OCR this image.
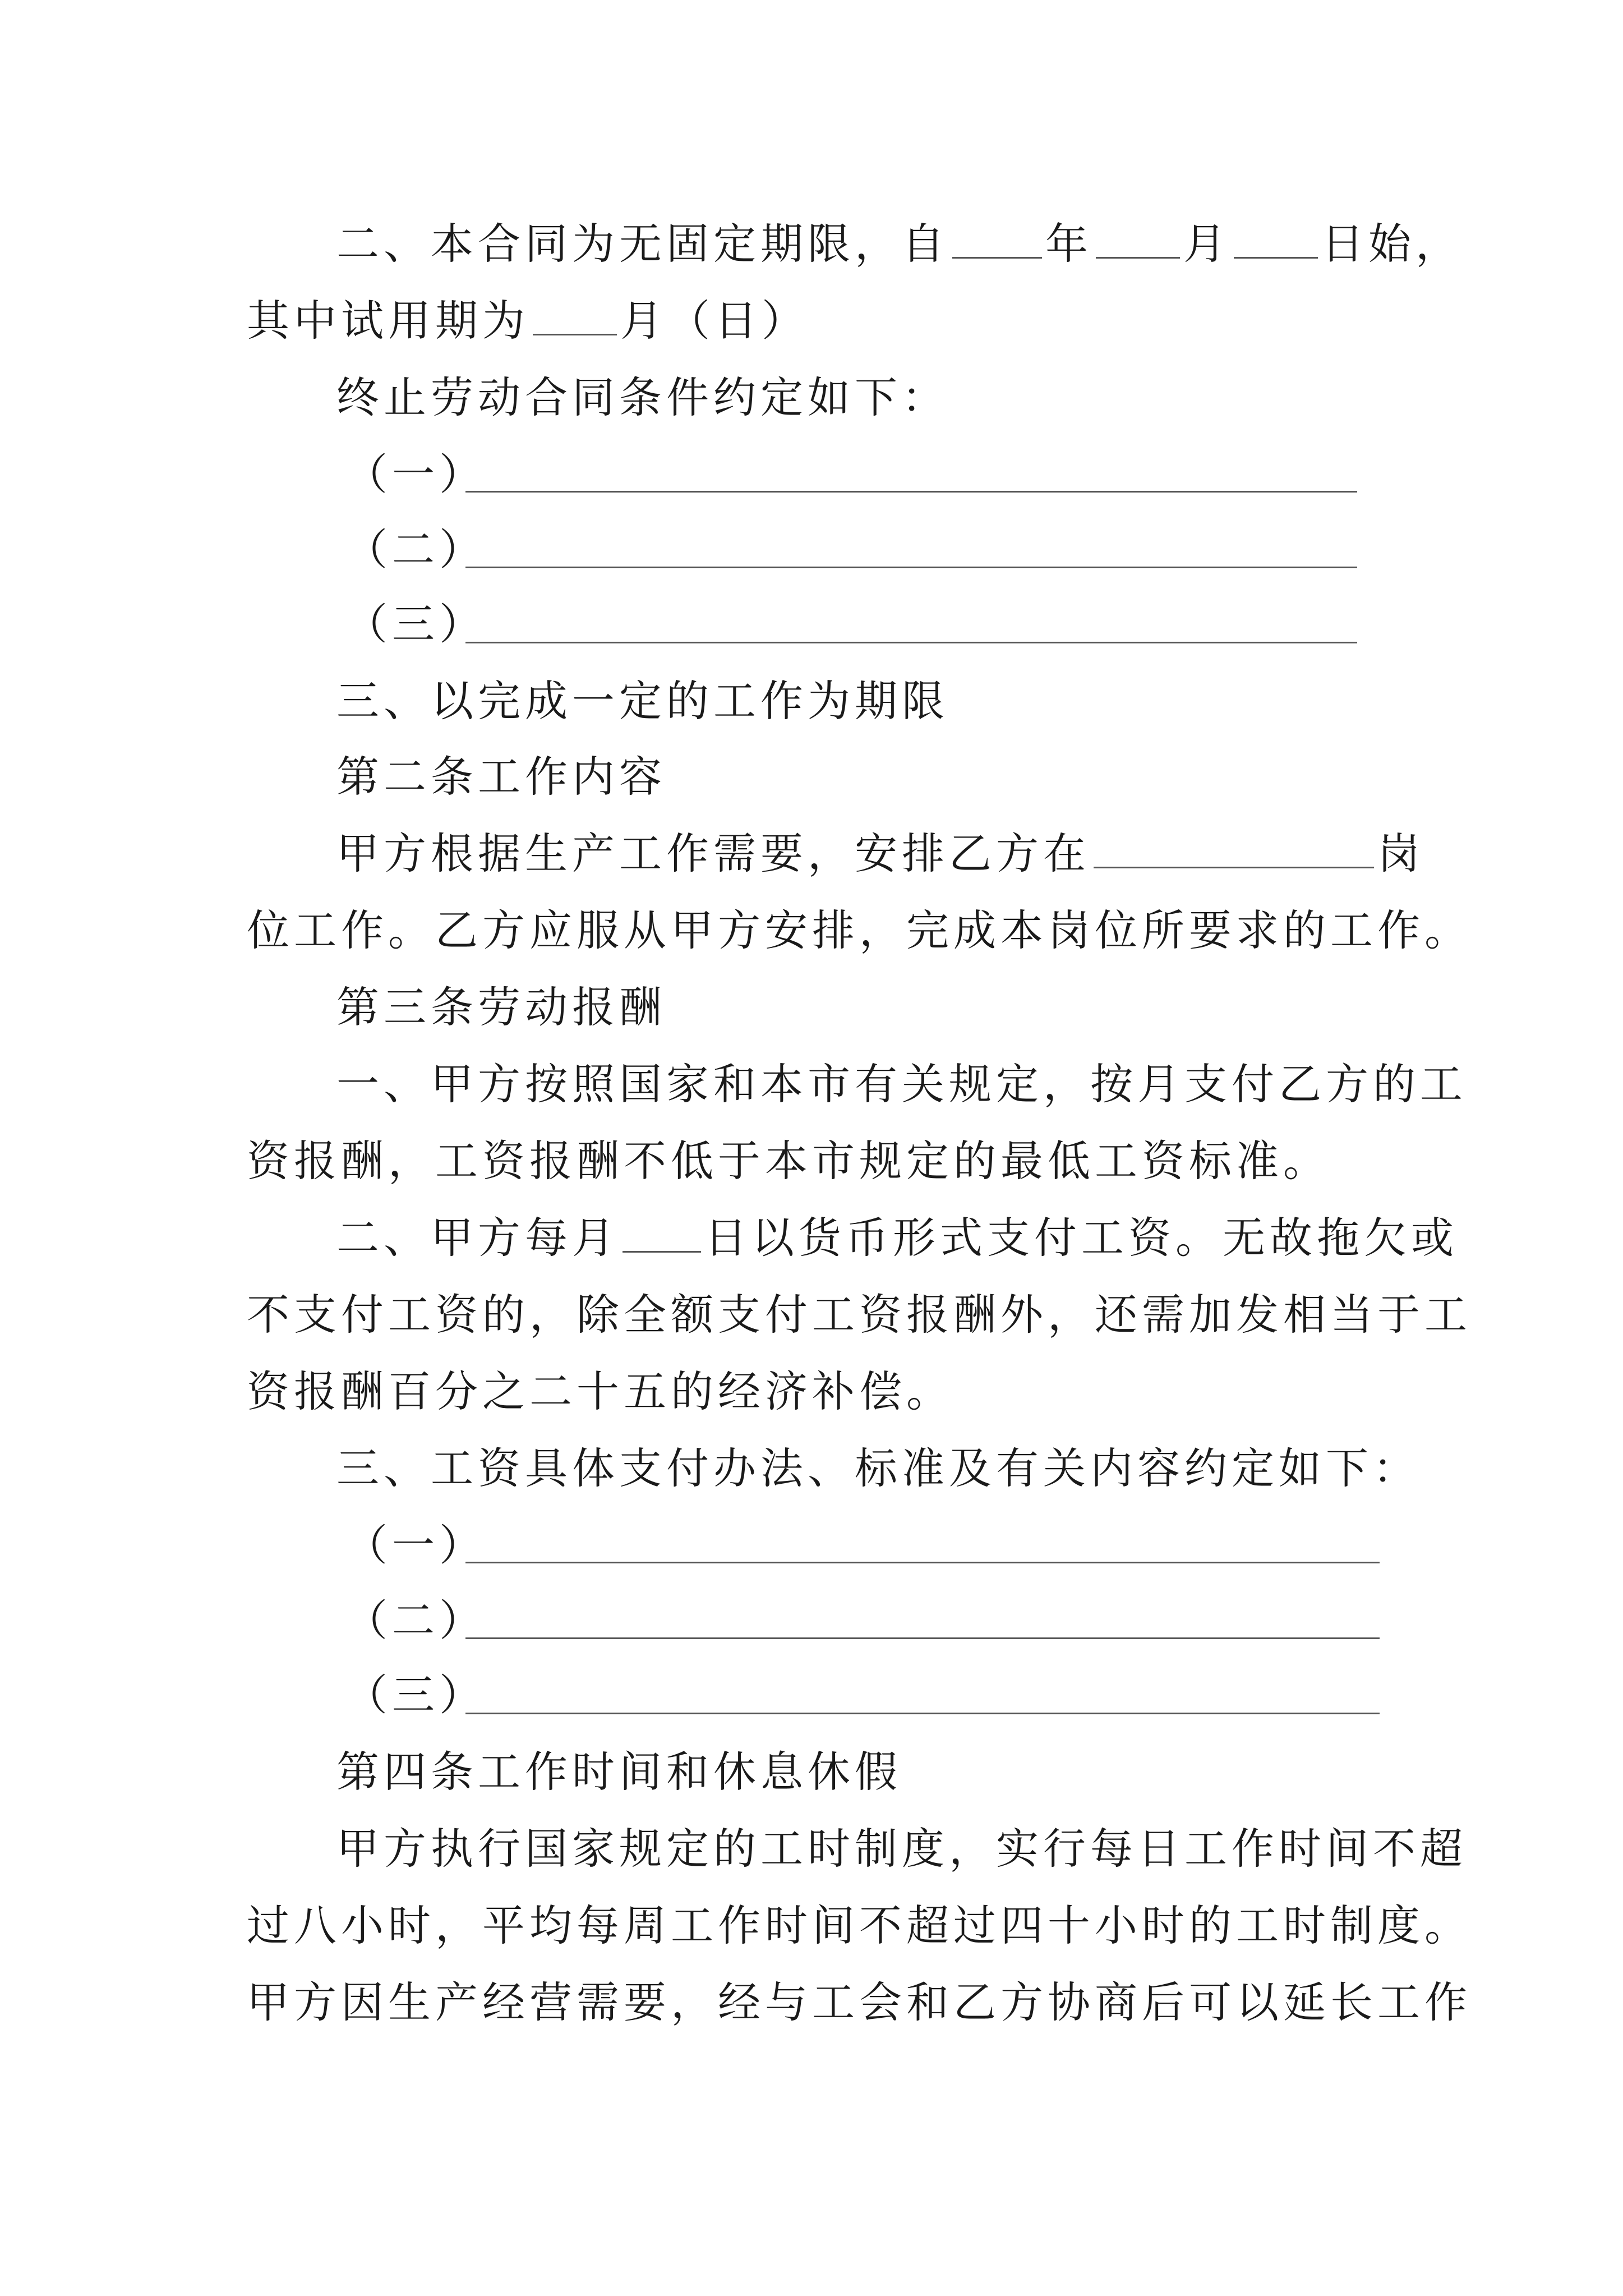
二、本合同为无固定期限，自 年 月 日始，
其中试用期为 月（日）
终止劳动合同条件约定如下：
（一）
（二）
（三）
三、以完成一定的工作为期限
第二条工作内容
甲方根据生产工作需要，安排乙方在	岗
位工作。乙方应服从甲方安排，完成本岗位所要求的工作。
第三条劳动报酬
一、甲方按照国家和本市有关规定，按月支付乙方的工
资报酬，工资报酬不低于本市规定的最低工资标准。
二、甲方每月 日以货币形式支付工资。无故拖欠或
不支付工资的，除全额支付工资报酬外，还需加发相当于工
资报酬百分之二十五的经济补偿。
三、工资具体支付办法、标准及有关内容约定如下：
（一）
（二）
（三）
第四条工作时间和休息休假
甲方执行国家规定的工时制度，实行每日工作时间不超
过八小时，平均每周工作时间不超过四十小时的工时制度。
甲方因生产经营需要，经与工会和乙方协商后可以延长工作
